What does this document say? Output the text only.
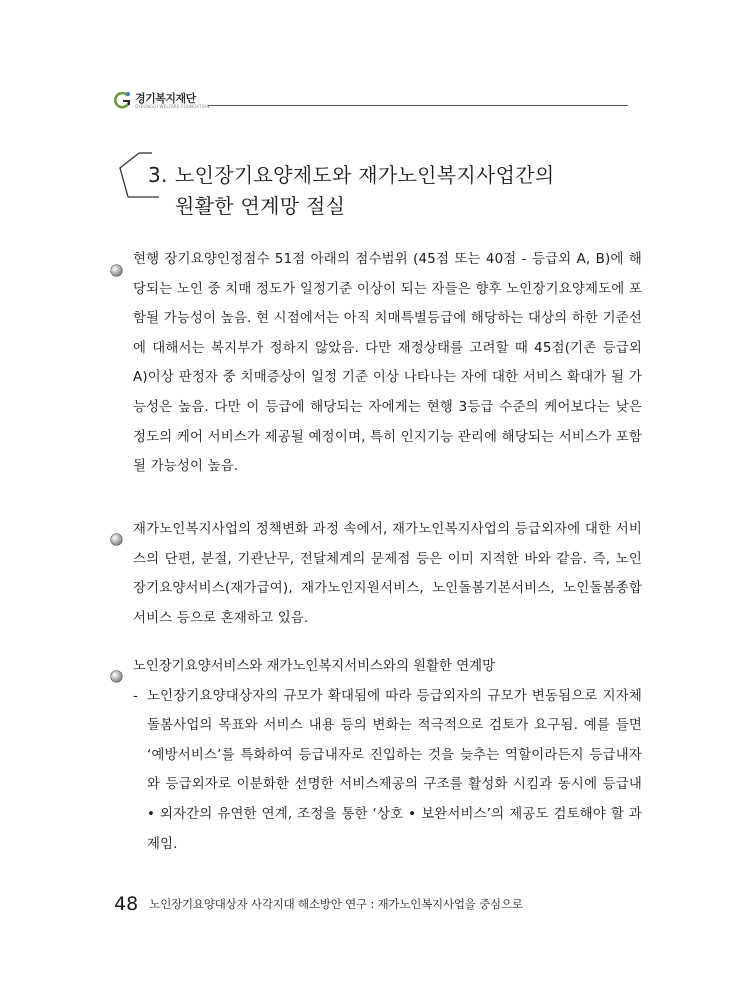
경기복지재단
GYEONGGI WELFARE FOUNDATION
3. 노인장기요양제도와 재가노인복지사업간의
원활한 연계망 절실
현행 장기요양인정점수 51점 아래의 점수범위 (45점 또는 40점 - 등급외 A, B)에 해당되는 노인 중 치매 정도가 일정기준 이상이 되는 자들은 향후 노인장기요양제도에 포함될 가능성이 높음. 현 시점에서는 아직 치매특별등급에 해당하는 대상의 하한 기준선에 대해서는 복지부가 정하지 않았음. 다만 재정상태를 고려할 때 45점(기존 등급외 A)이상 판정자 중 치매증상이 일정 기준 이상 나타나는 자에 대한 서비스 확대가 될 가능성은 높음. 다만 이 등급에 해당되는 자에게는 현행 3등급 수준의 케어보다는 낮은 정도의 케어 서비스가 제공될 예정이며, 특히 인지기능 관리에 해당되는 서비스가 포함될 가능성이 높음.
재가노인복지사업의 정책변화 과정 속에서, 재가노인복지사업의 등급외자에 대한 서비스의 단편, 분절, 기관난무, 전달체계의 문제점 등은 이미 지적한 바와 같음. 즉, 노인장기요양서비스(재가급여), 재가노인지원서비스, 노인돌봄기본서비스, 노인돌봄종합서비스 등으로 혼재하고 있음.
노인장기요양서비스와 재가노인복지서비스와의 원활한 연계망
- 노인장기요양대상자의 규모가 확대됨에 따라 등급외자의 규모가 변동됨으로 지자체 돌봄사업의 목표와 서비스 내용 등의 변화는 적극적으로 검토가 요구됨. 예를 들면 ‘예방서비스’를 특화하여 등급내자로 진입하는 것을 늦추는 역할이라든지 등급내자와 등급외자로 이분화한 선명한 서비스제공의 구조를 활성화 시킴과 동시에 등급내 • 외자간의 유연한 연계, 조정을 통한 ‘상호 • 보완서비스’의 제공도 검토해야 할 과제임.
48 노인장기요양대상자 사각지대 해소방안 연구 : 재가노인복지사업을 중심으로
